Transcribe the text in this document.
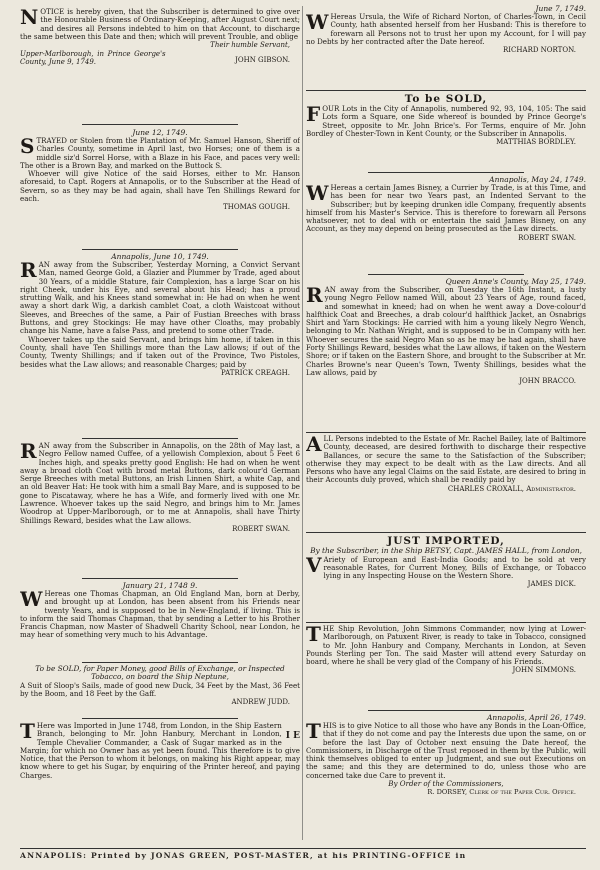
NOTICE is hereby given, that the Subscriber is determined to give over the Honourable Business of Ordinary-Keeping, after August Court next; and desires all Persons indebted to him on that Account, to discharge the same between this Date and then; which will prevent Trouble, and oblige

Their humble Servant,

Upper-Marlborough, in Prince George's County, June 9, 1749.	JOHN GIBSON.

June 12, 1749.

STRAYED or Stolen from the Plantation of Mr. Samuel Hanson, Sheriff of Charles County, sometime in April last, two Horses; one of them is a middle siz'd Sorrel Horse, with a Blaze in his Face, and paces very well: The other is a Brown Bay, and marked on the Buttock S.

Whoever will give Notice of the said Horses, either to Mr. Hanson aforesaid, to Capt. Rogers at Annapolis, or to the Subscriber at the Head of Severn, so as they may be had again, shall have Ten Shillings Reward for each.

THOMAS GOUGH.

Annapolis, June 10, 1749.

RAN away from the Subscriber, Yesterday Morning, a Convict Servant Man, named George Gold, a Glazier and Plummer by Trade, aged about 30 Years, of a middle Stature, fair Complexion, has a large Scar on his right Cheek, under his Eye, and several about his Head; has a proud strutting Walk, and his Knees stand somewhat in: He had on when he went away a short dark Wig, a darkish camblet Coat, a cloth Waistcoat without Sleeves, and Breeches of the same, a Pair of Fustian Breeches with brass Buttons, and grey Stockings: He may have other Cloaths, may probably change his Name, have a false Pass, and pretend to some other Trade.

Whoever takes up the said Servant, and brings him home, if taken in this County, shall have Ten Shillings more than the Law allows; if out of the County, Twenty Shillings; and if taken out of the Province, Two Pistoles, besides what the Law allows; and reasonable Charges; paid by

PATRICK CREAGH.

RAN away from the Subscriber in Annapolis, on the 28th of May last, a Negro Fellow named Cuffee, of a yellowish Complexion, about 5 Feet 6 Inches high, and speaks pretty good English: He had on when he went away a broad cloth Coat with broad metal Buttons, dark colour'd German Serge Breeches with metal Buttons, an Irish Linnen Shirt, a white Cap, and an old Beaver Hat: He took with him a small Bay Mare, and is supposed to be gone to Piscataway, where he has a Wife, and formerly lived with one Mr. Lawrence. Whoever takes up the said Negro, and brings him to Mr. James Woodrop at Upper-Marlborough, or to me at Annapolis, shall have Thirty Shillings Reward, besides what the Law allows.

ROBERT SWAN.

January 21, 1748 9.

W Hereas one Thomas Chapman, an Old England Man, born at Derby, and brought up at London, has been absent from his Friends near twenty Years, and is supposed to be in New-England, if living. This is to inform the said Thomas Chapman, that by sending a Letter to his Brother Francis Chapman, now Master of Shadwell Charity School, near London, he may hear of something very much to his Advantage.

To be SOLD, for Paper Money, good Bills of Exchange, or Inspected Tobacco, on board the Ship Neptune,

A Suit of Sloop's Sails, made of good new Duck, 34 Feet by the Mast, 36 Feet by the Boom, and 18 Feet by the Gaff.

ANDREW JUDD.

I E

T Here was Imported in June 1748, from London, in the Ship Eastern Branch, belonging to Mr. John Hanbury, Merchant in London, Temple Chevalier Commander, a Cask of Sugar marked as in the Margin; for which no Owner has as yet been found. This therefore is to give Notice, that the Person to whom it belongs, on making his Right appear, may know where to get his Sugar, by enquiring of the Printer hereof, and paying Charges.

June 7, 1749.

W Hereas Ursula, the Wife of Richard Norton, of Charles-Town, in Cecil County, hath absented herself from her Husband: This is therefore to forewarn all Persons not to trust her upon my Account, for I will pay no Debts by her contracted after the Date hereof.

RICHARD NORTON.

To be SOLD,

FOUR Lots in the City of Annapolis, numbered 92, 93, 104, 105: The said Lots form a Square, one Side whereof is bounded by Prince George's Street, opposite to Mr. John Brice's. For Terms, enquire of Mr. John Bordley of Chester-Town in Kent County, or the Subscriber in Annapolis.

MATTHIAS BORDLEY.

Annapolis, May 24, 1749.

W Hereas a certain James Bisney, a Currier by Trade, is at this Time, and has been for near two Years past, an Indented Servant to the Subscriber; but by keeping drunken idle Company, frequently absents himself from his Master's Service. This is therefore to forewarn all Persons whatsoever, not to deal with or entertain the said James Bisney, on any Account, as they may depend on being prosecuted as the Law directs.

ROBERT SWAN.

Queen Anne's County, May 25, 1749.

RAN away from the Subscriber, on Tuesday the 16th Instant, a lusty young Negro Fellow named Will, about 23 Years of Age, round faced, and somewhat in kneed; had on when he went away a Dove-colour'd halfthick Coat and Breeches, a drab colour'd halfthick Jacket, an Osnabrigs Shirt and Yarn Stockings: He carried with him a young likely Negro Wench, belonging to Mr. Nathan Wright, and is supposed to be in Company with her. Whoever secures the said Negro Man so as he may be had again, shall have Forty Shillings Reward, besides what the Law allows, if taken on the Western Shore; or if taken on the Eastern Shore, and brought to the Subscriber at Mr. Charles Browne's near Queen's Town, Twenty Shillings, besides what the Law allows, paid by

JOHN BRACCO.

ALL Persons indebted to the Estate of Mr. Rachel Bailey, late of Baltimore County, deceased, are desired forthwith to discharge their respective Ballances, or secure the same to the Satisfaction of the Subscriber; otherwise they may expect to be dealt with as the Law directs. And all Persons who have any legal Claims on the said Estate, are desired to bring in their Accounts duly proved, which shall be readily paid by

CHARLES CROXALL, Administrator.

JUST IMPORTED,

By the Subscriber, in the Ship BETSY, Capt. JAMES HALL, from London,

V Ariety of European and East-India Goods; and to be sold at very reasonable Rates, for Current Money, Bills of Exchange, or Tobacco lying in any Inspecting House on the Western Shore.

JAMES DICK.

THE Ship Revolution, John Simmons Commander, now lying at Lower-Marlborough, on Patuxent River, is ready to take in Tobacco, consigned to Mr. John Hanbury and Company, Merchants in London, at Seven Pounds Sterling per Ton. The said Master will attend every Saturday on board, where he shall be very glad of the Company of his Friends.

JOHN SIMMONS.

Annapolis, April 26, 1749.

THIS is to give Notice to all those who have any Bonds in the Loan-Office, that if they do not come and pay the Interests due upon the same, on or before the last Day of October next ensuing the Date hereof, the Commissioners, in Discharge of the Trust reposed in them by the Public, will think themselves obliged to enter up Judgment, and sue out Executions on the same; and this they are determined to do, unless those who are concerned take due Care to prevent it.

By Order of the Commissioners,

R. DORSEY, Clerk of the Paper Cur. Office.

ANNAPOLIS: Printed by JONAS GREEN, POST-MASTER, at his PRINTING-OFFICE in
